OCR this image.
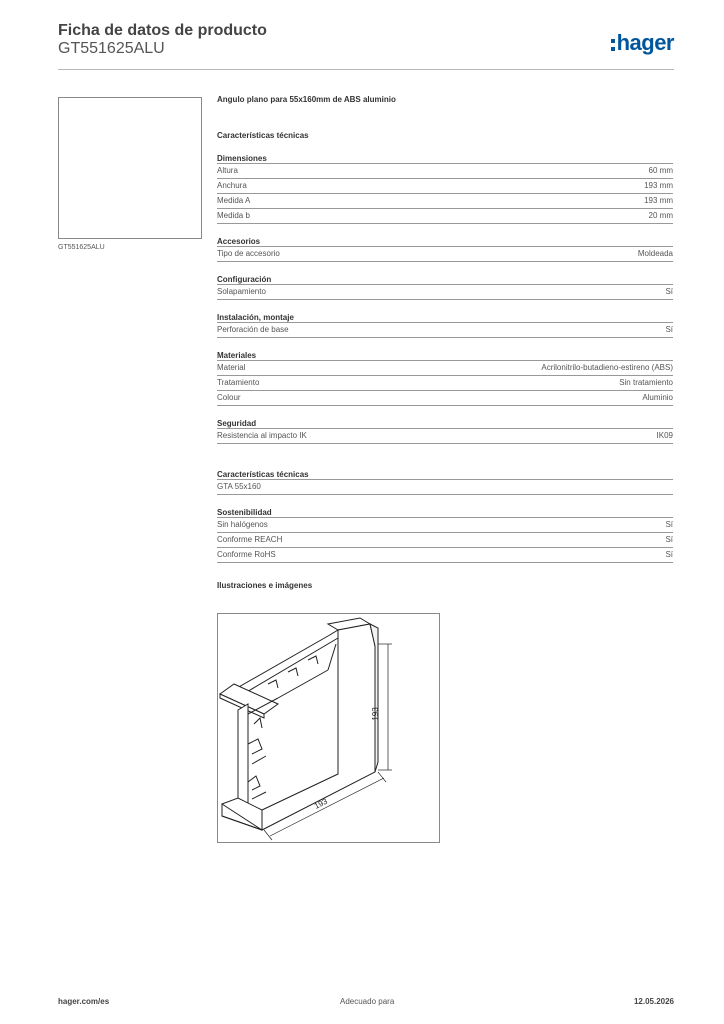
Ficha de datos de producto
GT551625ALU	hager
GT551625ALU
Angulo plano para 55x160mm de ABS aluminio
Características técnicas
Dimensiones
Altura	60 mm
Anchura	193 mm
Medida A	193 mm
Medida b	20 mm
Accesorios
Tipo de accesorio	Moldeada
Configuración
Solapamiento	Sí
Instalación, montaje
Perforación de base	Sí
Materiales
Material	Acrilonitrilo-butadieno-estireno (ABS)
Tratamiento	Sin tratamiento
Colour	Aluminio
Seguridad
Resistencia al impacto IK	IK09
Características técnicas
GTA 55x160
Sostenibilidad
Sin halógenos	Sí
Conforme REACH	Sí
Conforme RoHS	Sí
Ilustraciones e imágenes
193
193
hager.com/es	Adecuado para	12.05.2026
